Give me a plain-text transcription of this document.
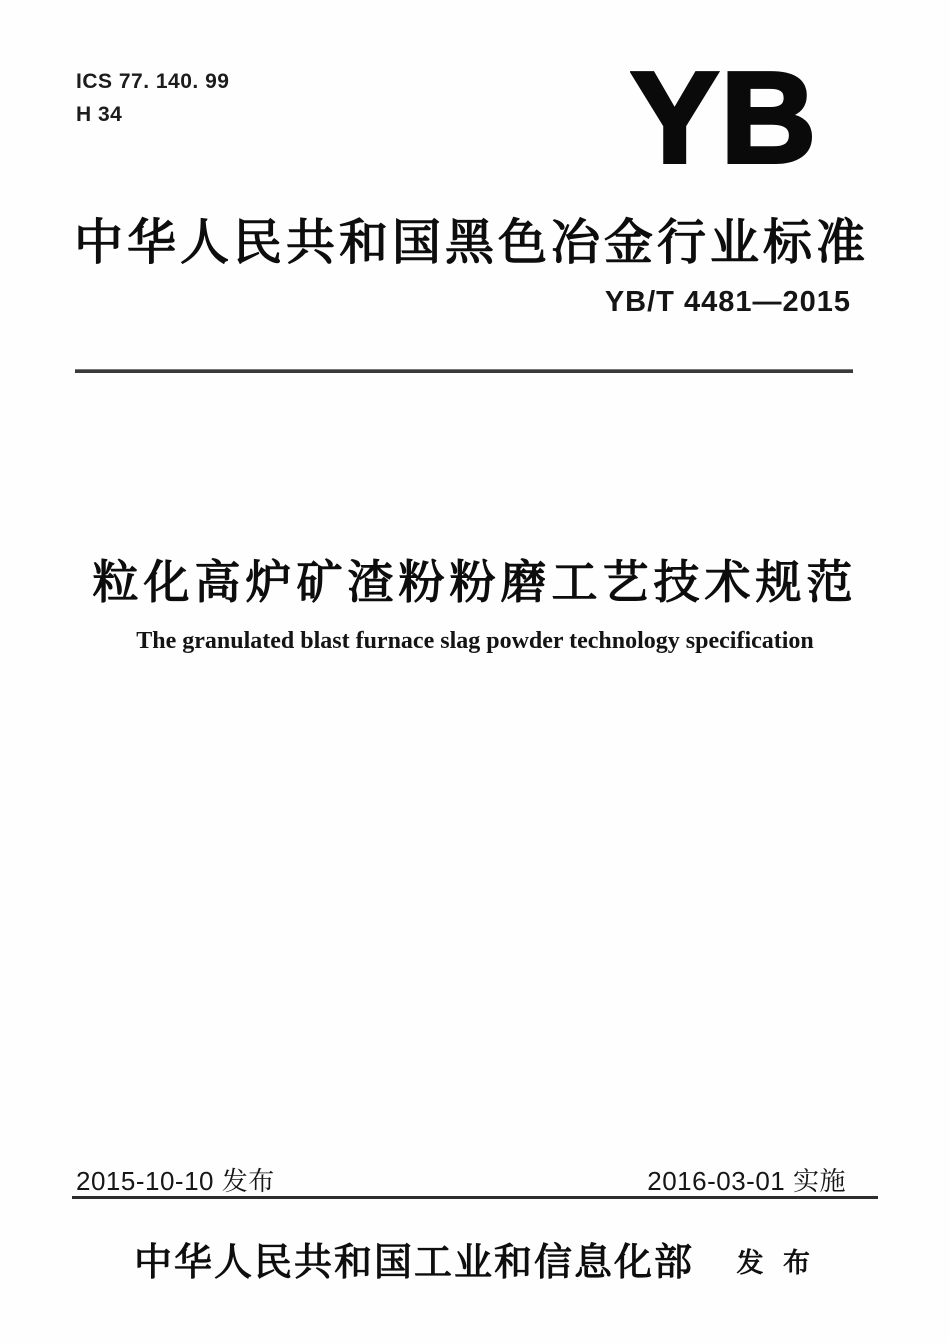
ICS 77. 140. 99
H 34	YB
中华人民共和国黑色冶金行业标准
YB/T 4481—2015
粒化高炉矿渣粉粉磨工艺技术规范
The granulated blast furnace slag powder technology specification
2015-10-10 发布	2016-03-01 实施
中华人民共和国工业和信息化部 发 布
